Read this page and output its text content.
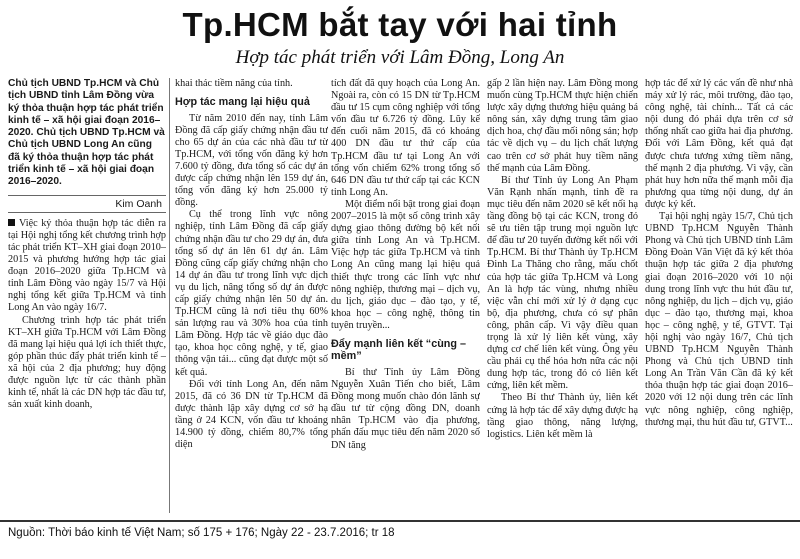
Tp.HCM bắt tay với hai tỉnh
Hợp tác phát triển với Lâm Đồng, Long An

Chủ tịch UBND Tp.HCM và Chủ tịch UBND tỉnh Lâm Đồng vừa ký thỏa thuận hợp tác phát triển kinh tế – xã hội giai đoạn 2016–2020. Chủ tịch UBND Tp.HCM và Chủ tịch UBND Long An cũng đã ký thỏa thuận hợp tác phát triển kinh tế – xã hội giai đoạn 2016–2020.

Kim Oanh

Việc ký thỏa thuận hợp tác diễn ra tại Hội nghị tổng kết chương trình hợp tác phát triển KT–XH giai đoạn 2010–2015 và phương hướng hợp tác giai đoạn 2016–2020 giữa Tp.HCM và tỉnh Lâm Đồng vào ngày 15/7 và Hội nghị tổng kết giữa Tp.HCM và tỉnh Long An vào ngày 16/7.

Chương trình hợp tác phát triển KT–XH giữa Tp.HCM với Lâm Đồng đã mang lại hiệu quả lợi ích thiết thực, góp phần thúc đẩy phát triển kinh tế – xã hội của 2 địa phương; huy động được nguồn lực từ các thành phần kinh tế, nhất là các DN hợp tác đầu tư, sản xuất kinh doanh,

khai thác tiềm năng của tỉnh.

Hợp tác mang lại hiệu quả

Từ năm 2010 đến nay, tỉnh Lâm Đồng đã cấp giấy chứng nhận đầu tư cho 65 dự án của các nhà đầu tư từ Tp.HCM, với tổng vốn đăng ký hơn 7.600 tỷ đồng, đưa tổng số các dự án được cấp chứng nhận lên 159 dự án, tổng vốn đăng ký hơn 25.000 tỷ đồng.

Cụ thể trong lĩnh vực nông nghiệp, tỉnh Lâm Đồng đã cấp giấy chứng nhận đầu tư cho 29 dự án, đưa tổng số dự án lên 61 dự án. Lâm Đồng cũng cấp giấy chứng nhận cho 14 dự án đầu tư trong lĩnh vực dịch vụ du lịch, nâng tổng số dự án được cấp giấy chứng nhận lên 50 dự án. Tp.HCM cũng là nơi tiêu thụ 60% sản lượng rau và 30% hoa của tỉnh Lâm Đồng. Hợp tác về giáo dục đào tạo, khoa học công nghệ, y tế, giao thông vận tải... cũng đạt được một số kết quả.

Đối với tỉnh Long An, đến năm 2015, đã có 36 DN từ Tp.HCM đã được thành lập xây dựng cơ sở hạ tầng ở 24 KCN, vốn đầu tư khoảng 14.900 tỷ đồng, chiếm 80,7% tổng diện

tích đất đã quy hoạch của Long An. Ngoài ra, còn có 15 DN từ Tp.HCM đầu tư 15 cụm công nghiệp với tổng vốn đầu tư 6.726 tỷ đồng. Lũy kế đến cuối năm 2015, đã có khoảng 400 DN đầu tư thứ cấp của Tp.HCM đầu tư tại Long An với tổng vốn chiếm 62% trong tổng số 646 DN đầu tư thứ cấp tại các KCN tỉnh Long An.

Một điểm nổi bật trong giai đoạn 2007–2015 là một số công trình xây dựng giao thông đường bộ kết nối giữa tỉnh Long An và Tp.HCM. Việc hợp tác giữa Tp.HCM và tỉnh Long An cũng mang lại hiệu quả thiết thực trong các lĩnh vực như nông nghiệp, thương mại – dịch vụ, du lịch, giáo dục – đào tạo, y tế, khoa học – công nghệ, thông tin tuyên truyền...

Đẩy mạnh liên kết “cùng – mềm”

Bí thư Tỉnh ủy Lâm Đồng Nguyễn Xuân Tiến cho biết, Lâm Đồng mong muốn chào đón lãnh sự đầu tư từ cộng đồng DN, doanh nhân Tp.HCM vào địa phương, phấn đấu mục tiêu đến năm 2020 số DN tăng

gấp 2 lần hiện nay. Lâm Đồng mong muốn cùng Tp.HCM thực hiện chiến lược xây dựng thương hiệu quảng bá nông sản, xây dựng trung tâm giao dịch hoa, chợ đầu mối nông sản; hợp tác về dịch vụ – du lịch chất lượng cao trên cơ sở phát huy tiềm năng thế mạnh của Lâm Đồng.

Bí thư Tỉnh ủy Long An Phạm Văn Rạnh nhấn mạnh, tỉnh đề ra mục tiêu đến năm 2020 sẽ kết nối hạ tầng đồng bộ tại các KCN, trong đó sẽ ưu tiên tập trung mọi nguồn lực để đầu tư 20 tuyến đường kết nối với Tp.HCM. Bí thư Thành ủy Tp.HCM Đinh La Thăng cho rằng, mấu chốt của hợp tác giữa Tp.HCM và Long An là hợp tác vùng, nhưng nhiều việc vẫn chỉ mới xử lý ở dạng cục bộ, địa phương, chưa có sự phân công, phân cấp. Vì vậy điều quan trọng là xử lý liên kết vùng, xây dựng cơ chế liên kết vùng. Ông yêu cầu phải cụ thể hóa hơn nữa các nội dung hợp tác, trong đó có liên kết cứng, liên kết mềm.

Theo Bí thư Thành ủy, liên kết cứng là hợp tác để xây dựng được hạ tầng giao thông, năng lượng, logistics. Liên kết mềm là

hợp tác để xử lý các vấn đề như nhà máy xử lý rác, môi trường, đào tạo, công nghệ, tài chính... Tất cả các nội dung đó phải dựa trên cơ sở thống nhất cao giữa hai địa phương. Đối với Lâm Đồng, kết quả đạt được chưa tương xứng tiềm năng, thế mạnh 2 địa phương. Vì vậy, cần phát huy hơn nữa thế mạnh mỗi địa phương qua từng nội dung, dự án được ký kết.

Tại hội nghị ngày 15/7, Chủ tịch UBND Tp.HCM Nguyễn Thành Phong và Chủ tịch UBND tỉnh Lâm Đồng Đoàn Văn Việt đã ký kết thỏa thuận hợp tác giữa 2 địa phương giai đoạn 2016–2020 với 10 nội dung trong lĩnh vực thu hút đầu tư, nông nghiệp, du lịch – dịch vụ, giáo dục – đào tạo, thương mại, khoa học – công nghệ, y tế, GTVT. Tại hội nghị vào ngày 16/7, Chủ tịch UBND Tp.HCM Nguyễn Thành Phong và Chủ tịch UBND tỉnh Long An Trần Văn Cần đã ký kết thỏa thuận hợp tác giai đoạn 2016–2020 với 12 nội dung trên các lĩnh vực nông nghiệp, công nghiệp, thương mại, thu hút đầu tư, GTVT...

Nguồn: Thời báo kinh tế Việt Nam; số 175 + 176; Ngày 22 - 23.7.2016; tr 18
